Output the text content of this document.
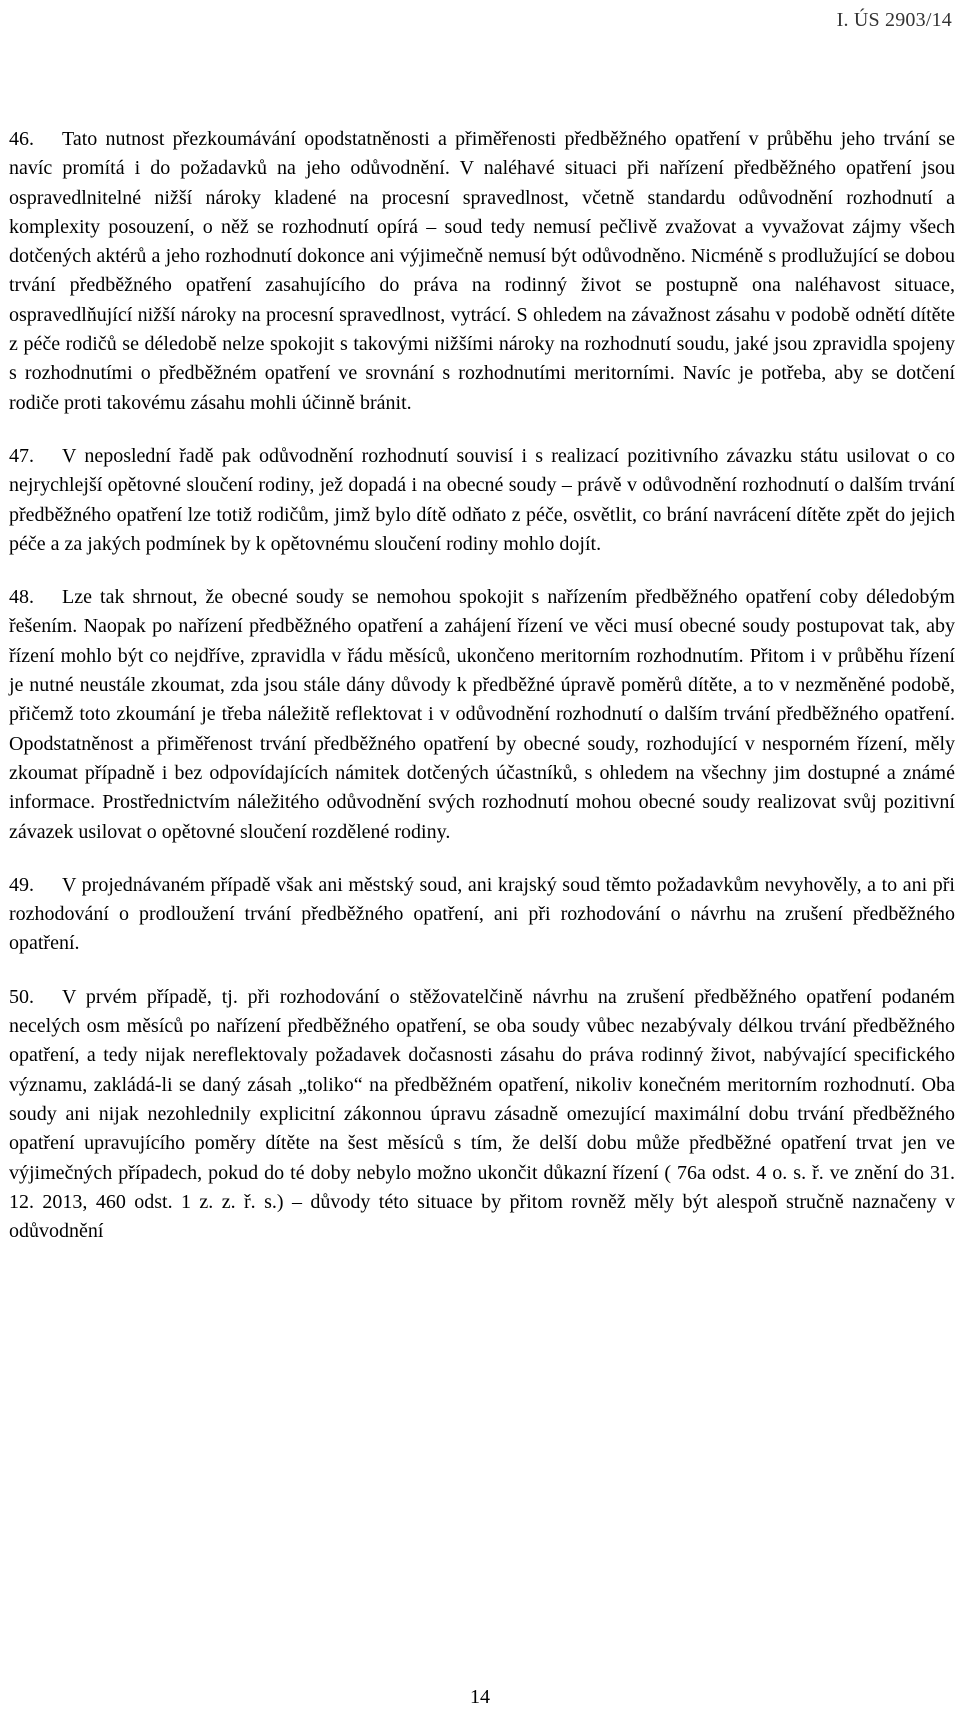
I. ÚS 2903/14

46. Tato nutnost přezkoumávání opodstatněnosti a přiměřenosti předběžného opatření v průběhu jeho trvání se navíc promítá i do požadavků na jeho odůvodnění. V naléhavé situaci při nařízení předběžného opatření jsou ospravedlnitelné nižší nároky kladené na procesní spravedlnost, včetně standardu odůvodnění rozhodnutí a komplexity posouzení, o něž se rozhodnutí opírá – soud tedy nemusí pečlivě zvažovat a vyvažovat zájmy všech dotčených aktérů a jeho rozhodnutí dokonce ani výjimečně nemusí být odůvodněno. Nicméně s prodlužující se dobou trvání předběžného opatření zasahujícího do práva na rodinný život se postupně ona naléhavost situace, ospravedlňující nižší nároky na procesní spravedlnost, vytrácí. S ohledem na závažnost zásahu v podobě odnětí dítěte z péče rodičů se déledobě nelze spokojit s takovými nižšími nároky na rozhodnutí soudu, jaké jsou zpravidla spojeny s rozhodnutími o předběžném opatření ve srovnání s rozhodnutími meritorními. Navíc je potřeba, aby se dotčení rodiče proti takovému zásahu mohli účinně bránit.

47. V neposlední řadě pak odůvodnění rozhodnutí souvisí i s realizací pozitivního závazku státu usilovat o co nejrychlejší opětovné sloučení rodiny, jež dopadá i na obecné soudy – právě v odůvodnění rozhodnutí o dalším trvání předběžného opatření lze totiž rodičům, jimž bylo dítě odňato z péče, osvětlit, co brání navrácení dítěte zpět do jejich péče a za jakých podmínek by k opětovnému sloučení rodiny mohlo dojít.

48. Lze tak shrnout, že obecné soudy se nemohou spokojit s nařízením předběžného opatření coby déledobým řešením. Naopak po nařízení předběžného opatření a zahájení řízení ve věci musí obecné soudy postupovat tak, aby řízení mohlo být co nejdříve, zpravidla v řádu měsíců, ukončeno meritorním rozhodnutím. Přitom i v průběhu řízení je nutné neustále zkoumat, zda jsou stále dány důvody k předběžné úpravě poměrů dítěte, a to v nezměněné podobě, přičemž toto zkoumání je třeba náležitě reflektovat i v odůvodnění rozhodnutí o dalším trvání předběžného opatření. Opodstatněnost a přiměřenost trvání předběžného opatření by obecné soudy, rozhodující v nesporném řízení, měly zkoumat případně i bez odpovídajících námitek dotčených účastníků, s ohledem na všechny jim dostupné a známé informace. Prostřednictvím náležitého odůvodnění svých rozhodnutí mohou obecné soudy realizovat svůj pozitivní závazek usilovat o opětovné sloučení rozdělené rodiny.

49. V projednávaném případě však ani městský soud, ani krajský soud těmto požadavkům nevyhověly, a to ani při rozhodování o prodloužení trvání předběžného opatření, ani při rozhodování o návrhu na zrušení předběžného opatření.

50. V prvém případě, tj. při rozhodování o stěžovatelčině návrhu na zrušení předběžného opatření podaném necelých osm měsíců po nařízení předběžného opatření, se oba soudy vůbec nezabývaly délkou trvání předběžného opatření, a tedy nijak nereflektovaly požadavek dočasnosti zásahu do práva rodinný život, nabývající specifického významu, zakládá-li se daný zásah „toliko“ na předběžném opatření, nikoliv konečném meritorním rozhodnutí. Oba soudy ani nijak nezohlednily explicitní zákonnou úpravu zásadně omezující maximální dobu trvání předběžného opatření upravujícího poměry dítěte na šest měsíců s tím, že delší dobu může předběžné opatření trvat jen ve výjimečných případech, pokud do té doby nebylo možno ukončit důkazní řízení ( 76a odst. 4 o. s. ř. ve znění do 31. 12. 2013, 460 odst. 1 z. z. ř. s.) – důvody této situace by přitom rovněž měly být alespoň stručně naznačeny v odůvodnění

14
